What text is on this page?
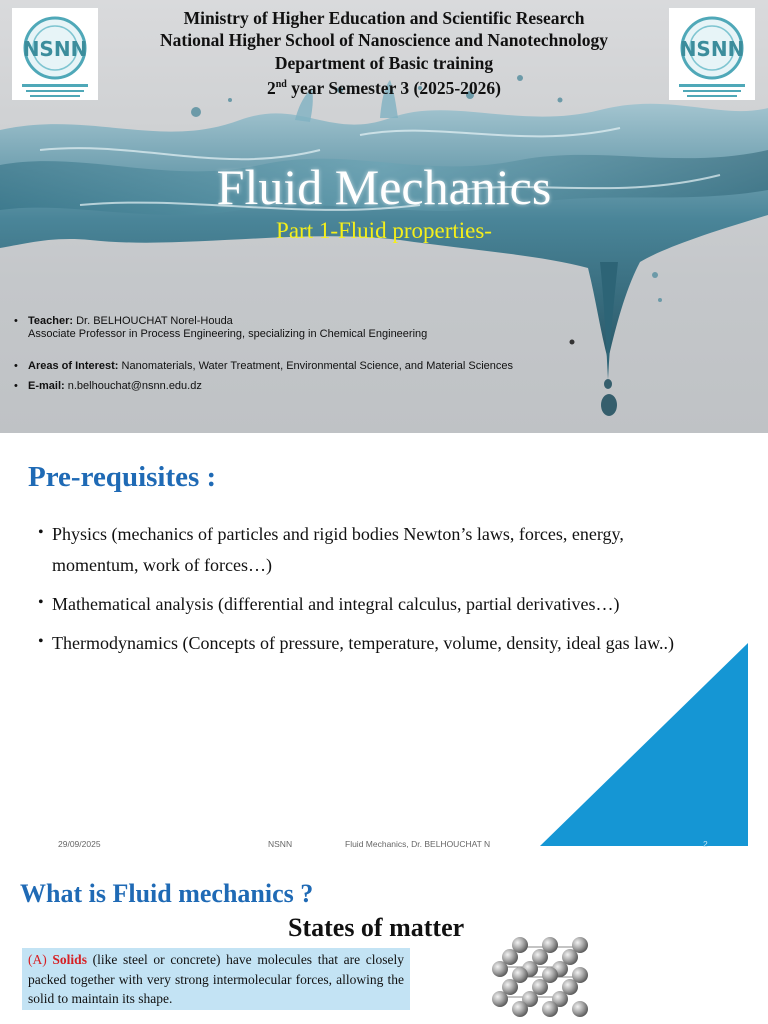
NSNN	NSNN
Ministry of Higher Education and Scientific Research
National Higher School of Nanoscience and Nanotechnology
Department of Basic training
2nd year Semester 3 (2025-2026)
Fluid Mechanics
Part 1-Fluid properties-
• Teacher: Dr. BELHOUCHAT Norel-Houda
Associate Professor in Process Engineering, specializing in Chemical Engineering
• Areas of Interest: Nanomaterials, Water Treatment, Environmental Science, and Material Sciences
• E-mail: n.belhouchat@nsnn.edu.dz
Pre-requisites :
• Physics (mechanics of particles and rigid bodies Newton’s laws, forces, energy, momentum, work of forces…)
• Mathematical analysis (differential and integral calculus, partial derivatives…)
• Thermodynamics (Concepts of pressure, temperature, volume, density, ideal gas law..)
29/09/2025	NSNN	Fluid Mechanics, Dr. BELHOUCHAT N	2
What is Fluid mechanics ?
States of matter
(A) Solids (like steel or concrete) have molecules that are closely packed together with very strong intermolecular forces, allowing the solid to maintain its shape.
